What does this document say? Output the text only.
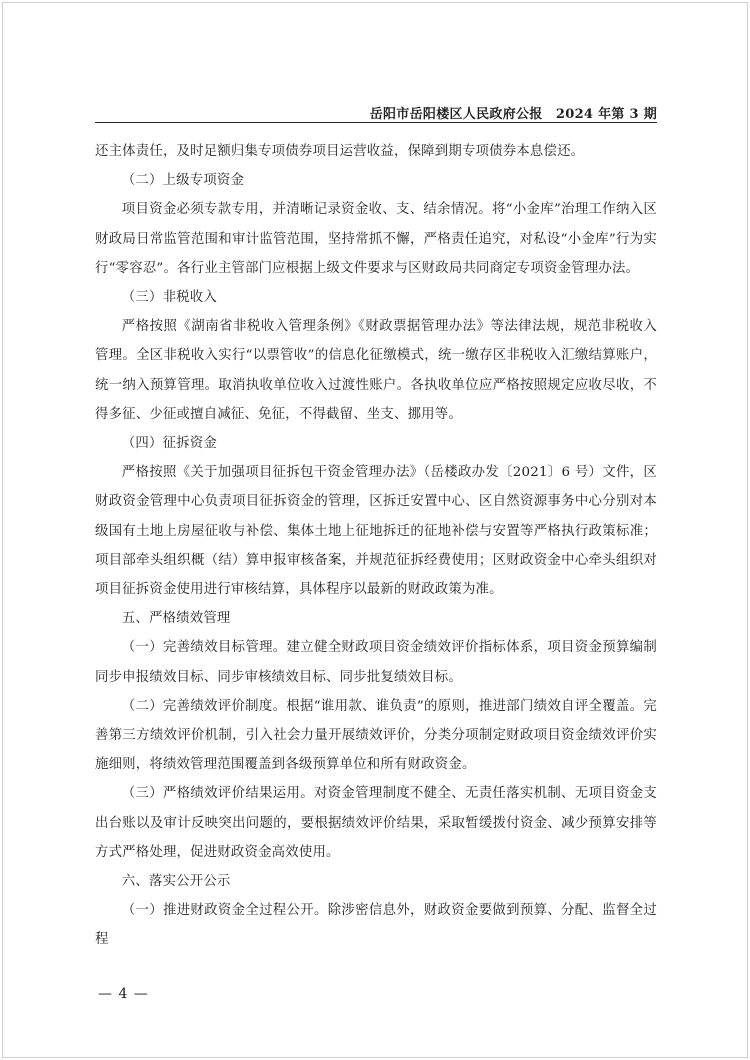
岳阳市岳阳楼区人民政府公报　2024 年第 3 期

还主体责任，及时足额归集专项债券项目运营收益，保障到期专项债券本息偿还。

（二）上级专项资金

项目资金必须专款专用，并清晰记录资金收、支、结余情况。将“小金库”治理工作纳入区财政局日常监管范围和审计监管范围，坚持常抓不懈，严格责任追究，对私设“小金库”行为实行“零容忍”。各行业主管部门应根据上级文件要求与区财政局共同商定专项资金管理办法。

（三）非税收入

严格按照《湖南省非税收入管理条例》《财政票据管理办法》等法律法规，规范非税收入管理。全区非税收入实行“以票管收”的信息化征缴模式，统一缴存区非税收入汇缴结算账户，统一纳入预算管理。取消执收单位收入过渡性账户。各执收单位应严格按照规定应收尽收，不得多征、少征或擅自减征、免征，不得截留、坐支、挪用等。

（四）征拆资金

严格按照《关于加强项目征拆包干资金管理办法》（岳楼政办发〔2021〕6 号）文件，区财政资金管理中心负责项目征拆资金的管理，区拆迁安置中心、区自然资源事务中心分别对本级国有土地上房屋征收与补偿、集体土地上征地拆迁的征地补偿与安置等严格执行政策标准；项目部牵头组织概（结）算申报审核备案，并规范征拆经费使用；区财政资金中心牵头组织对项目征拆资金使用进行审核结算，具体程序以最新的财政政策为准。

五、严格绩效管理

（一）完善绩效目标管理。建立健全财政项目资金绩效评价指标体系，项目资金预算编制同步申报绩效目标、同步审核绩效目标、同步批复绩效目标。

（二）完善绩效评价制度。根据“谁用款、谁负责”的原则，推进部门绩效自评全覆盖。完善第三方绩效评价机制，引入社会力量开展绩效评价，分类分项制定财政项目资金绩效评价实施细则，将绩效管理范围覆盖到各级预算单位和所有财政资金。

（三）严格绩效评价结果运用。对资金管理制度不健全、无责任落实机制、无项目资金支出台账以及审计反映突出问题的，要根据绩效评价结果，采取暂缓拨付资金、减少预算安排等方式严格处理，促进财政资金高效使用。

六、落实公开公示

（一）推进财政资金全过程公开。除涉密信息外，财政资金要做到预算、分配、监督全过程

— 4 —
